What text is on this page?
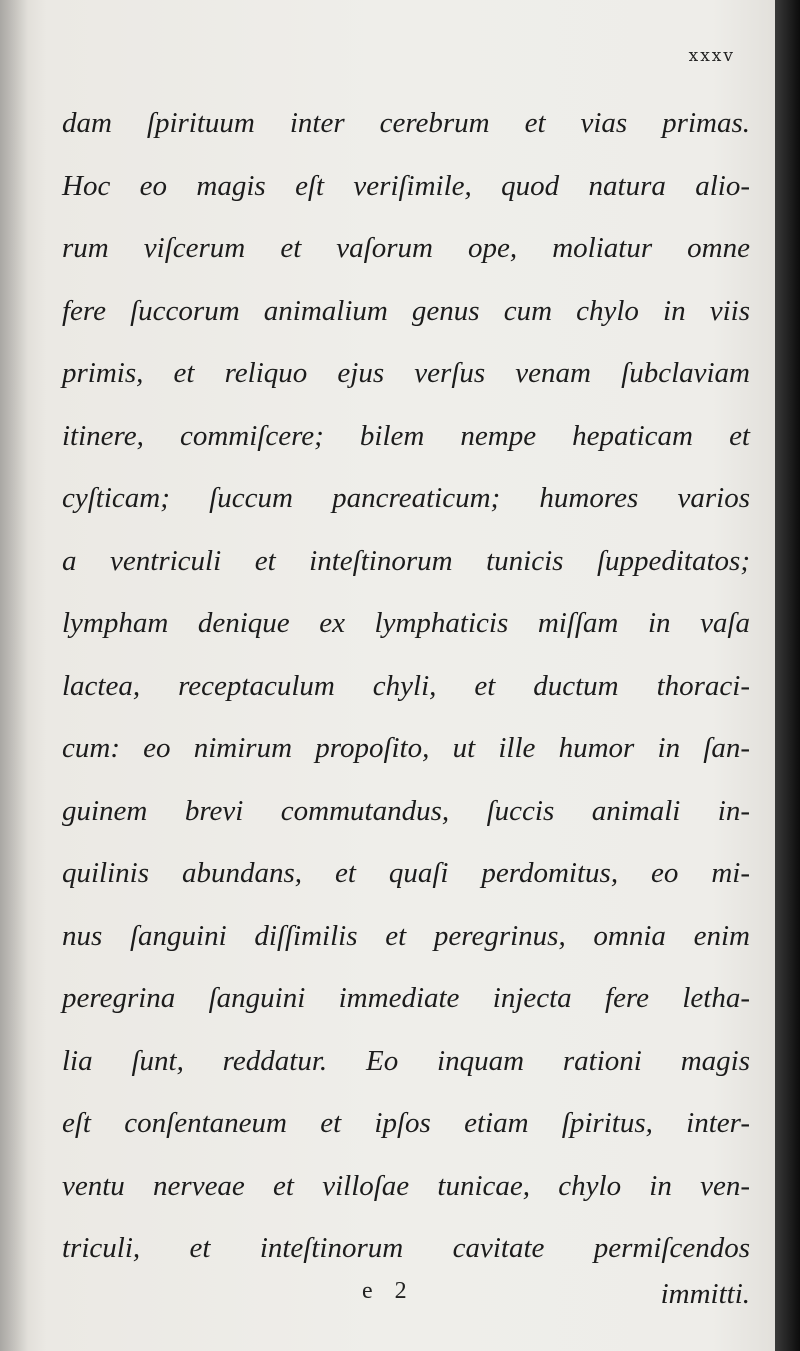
xxxv
dam ſpirituum inter cerebrum et vias primas.
Hoc eo magis eſt veriſimile, quod natura alio-
rum viſcerum et vaſorum ope, moliatur omne
fere ſuccorum animalium genus cum chylo in viis
primis, et reliquo ejus verſus venam ſubclaviam
itinere, commiſcere; bilem nempe hepaticam et
cyſticam; ſuccum pancreaticum; humores varios
a ventriculi et inteſtinorum tunicis ſuppeditatos;
lympham denique ex lymphaticis miſſam in vaſa
lactea, receptaculum chyli, et ductum thoraci-
cum: eo nimirum propoſito, ut ille humor in ſan-
guinem brevi commutandus, ſuccis animali in-
quilinis abundans, et quaſi perdomitus, eo mi-
nus ſanguini diſſimilis et peregrinus, omnia enim
peregrina ſanguini immediate injecta fere letha-
lia ſunt, reddatur. Eo inquam rationi magis
eſt conſentaneum et ipſos etiam ſpiritus, inter-
ventu nerveae et villoſae tunicae, chylo in ven-
triculi, et inteſtinorum cavitate permiſcendos
e 2	immitti.
